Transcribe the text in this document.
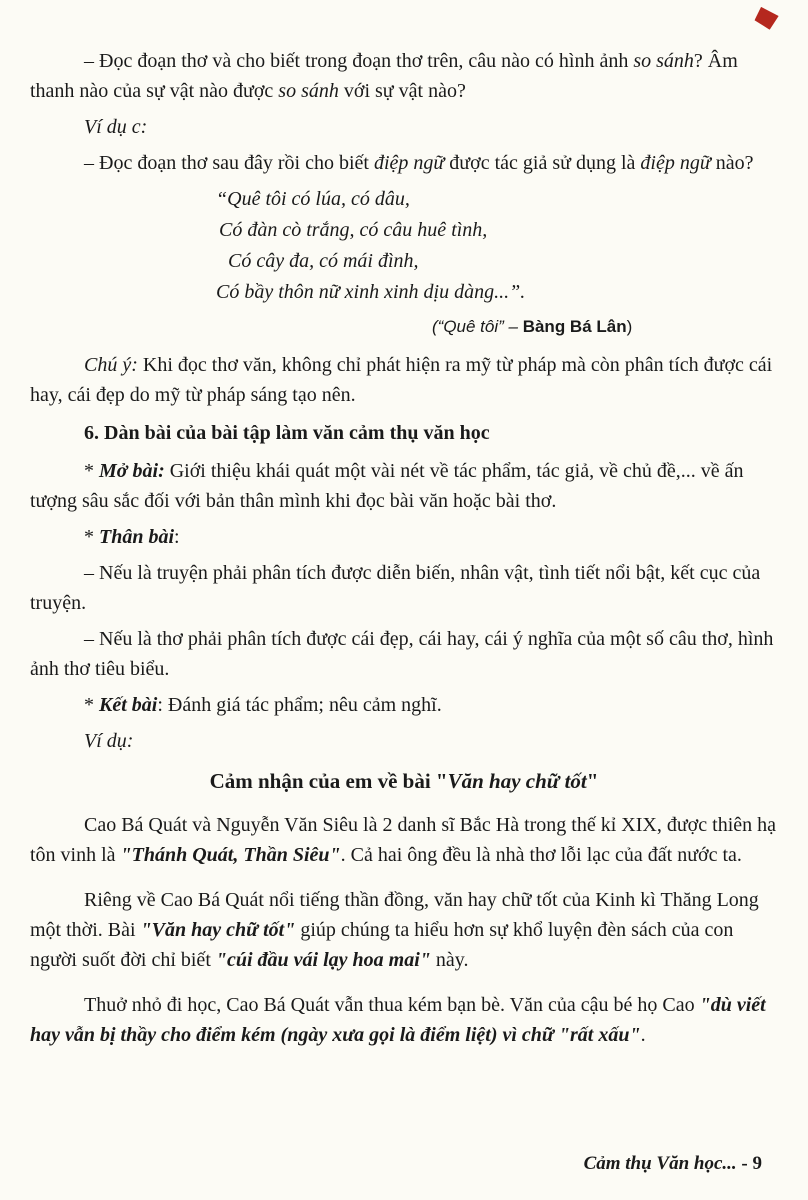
– Đọc đoạn thơ và cho biết trong đoạn thơ trên, câu nào có hình ảnh so sánh? Âm thanh nào của sự vật nào được so sánh với sự vật nào?

Ví dụ c:

– Đọc đoạn thơ sau đây rồi cho biết điệp ngữ được tác giả sử dụng là điệp ngữ nào?

“Quê tôi có lúa, có dâu,
Có đàn cò trắng, có câu huê tình,
Có cây đa, có mái đình,
Có bầy thôn nữ xinh xinh dịu dàng...”.
(“Quê tôi” – Bàng Bá Lân)

Chú ý: Khi đọc thơ văn, không chỉ phát hiện ra mỹ từ pháp mà còn phân tích được cái hay, cái đẹp do mỹ từ pháp sáng tạo nên.

6. Dàn bài của bài tập làm văn cảm thụ văn học

* Mở bài: Giới thiệu khái quát một vài nét về tác phẩm, tác giả, về chủ đề,... về ấn tượng sâu sắc đối với bản thân mình khi đọc bài văn hoặc bài thơ.

* Thân bài:

– Nếu là truyện phải phân tích được diễn biến, nhân vật, tình tiết nổi bật, kết cục của truyện.

– Nếu là thơ phải phân tích được cái đẹp, cái hay, cái ý nghĩa của một số câu thơ, hình ảnh thơ tiêu biểu.

* Kết bài: Đánh giá tác phẩm; nêu cảm nghĩ.

Ví dụ:

Cảm nhận của em về bài "Văn hay chữ tốt"

Cao Bá Quát và Nguyễn Văn Siêu là 2 danh sĩ Bắc Hà trong thế kỉ XIX, được thiên hạ tôn vinh là "Thánh Quát, Thần Siêu". Cả hai ông đều là nhà thơ lỗi lạc của đất nước ta.

Riêng về Cao Bá Quát nổi tiếng thần đồng, văn hay chữ tốt của Kinh kì Thăng Long một thời. Bài "Văn hay chữ tốt" giúp chúng ta hiểu hơn sự khổ luyện đèn sách của con người suốt đời chỉ biết "cúi đầu vái lạy hoa mai" này.

Thuở nhỏ đi học, Cao Bá Quát vẫn thua kém bạn bè. Văn của cậu bé họ Cao "dù viết hay vẫn bị thầy cho điểm kém (ngày xưa gọi là điểm liệt) vì chữ "rất xấu".

Cảm thụ Văn học... - 9
